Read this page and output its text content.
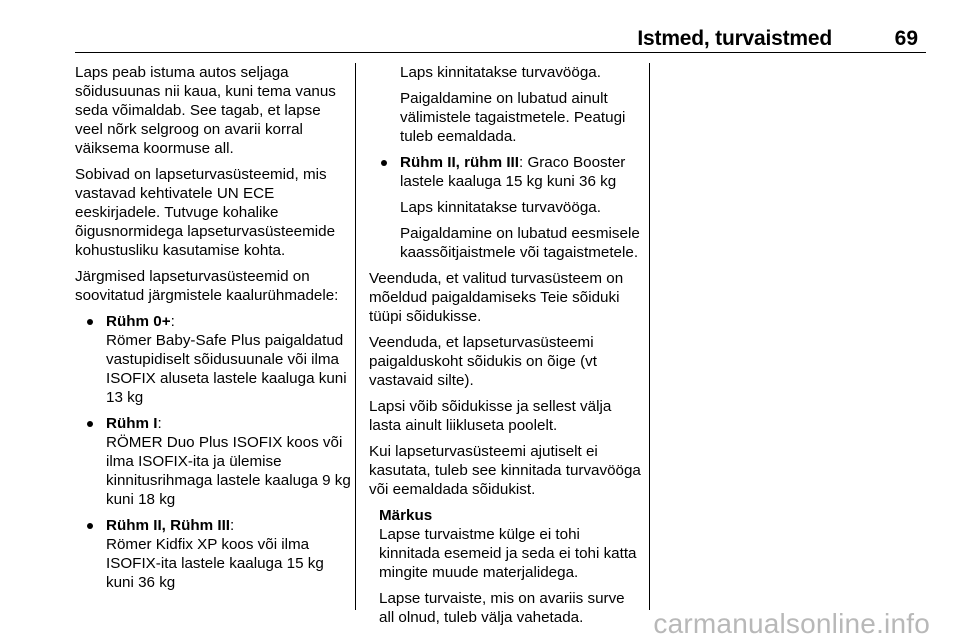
Istmed, turvaistmed	69

Laps peab istuma autos seljaga sõidusuunas nii kaua, kuni tema vanus seda võimaldab. See tagab, et lapse veel nõrk selgroog on avarii korral väiksema koormuse all.

Sobivad on lapseturvasüsteemid, mis vastavad kehtivatele UN ECE eeskirjadele. Tutvuge kohalike õigusnormidega lapseturvasüsteemide kohustusliku kasutamise kohta.

Järgmised lapseturvasüsteemid on soovitatud järgmistele kaalurühmadele:

Rühm 0+:
Römer Baby-Safe Plus paigaldatud vastupidiselt sõidusuunale või ilma ISOFIX aluseta lastele kaaluga kuni 13 kg
Rühm I:
RÖMER Duo Plus ISOFIX koos või ilma ISOFIX-ita ja ülemise kinnitusrihmaga lastele kaaluga 9 kg kuni 18 kg
Rühm II, Rühm III:
Römer Kidfix XP koos või ilma ISOFIX-ita lastele kaaluga 15 kg kuni 36 kg

Laps kinnitatakse turvavööga.

Paigaldamine on lubatud ainult välimistele tagaistmetele. Peatugi tuleb eemaldada.

Rühm II, rühm III: Graco Booster lastele kaaluga 15 kg kuni 36 kg

Laps kinnitatakse turvavööga.

Paigaldamine on lubatud eesmisele kaassõitjaistmele või tagaistmetele.

Veenduda, et valitud turvasüsteem on mõeldud paigaldamiseks Teie sõiduki tüüpi sõidukisse.

Veenduda, et lapseturvasüsteemi paigalduskoht sõidukis on õige (vt vastavaid silte).

Lapsi võib sõidukisse ja sellest välja lasta ainult liikluseta poolelt.

Kui lapseturvasüsteemi ajutiselt ei kasutata, tuleb see kinnitada turvavööga või eemaldada sõidukist.

Märkus

Lapse turvaistme külge ei tohi kinnitada esemeid ja seda ei tohi katta mingite muude materjalidega.

Lapse turvaiste, mis on avariis surve all olnud, tuleb välja vahetada.	carmanualsonline.info
